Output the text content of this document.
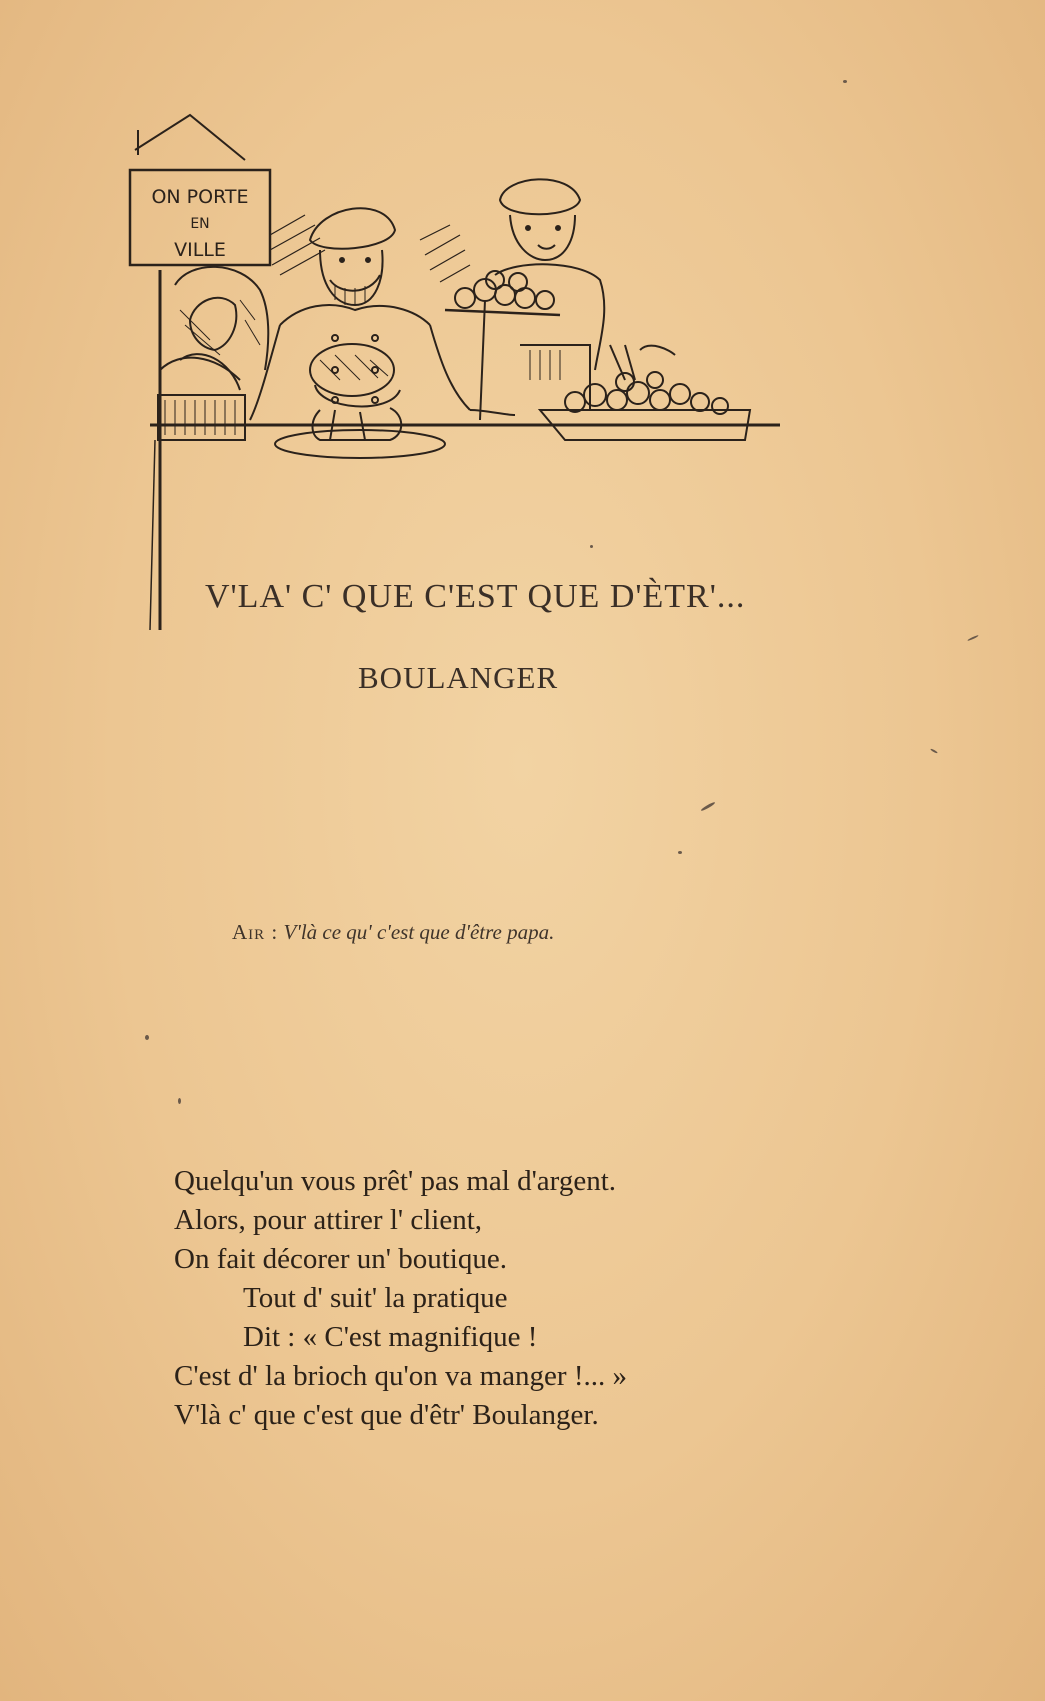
ON PORTE
EN
VILLE
V'LA' C' QUE C'EST QUE D'ÈTR'...
BOULANGER
Air : V'là ce qu' c'est que d'être papa.
Quelqu'un vous prêt' pas mal d'argent.
Alors, pour attirer l' client,
On fait décorer un' boutique.
Tout d' suit' la pratique
Dit : « C'est magnifique !
C'est d' la brioch qu'on va manger !... »
V'là c' que c'est que d'êtr' Boulanger.
